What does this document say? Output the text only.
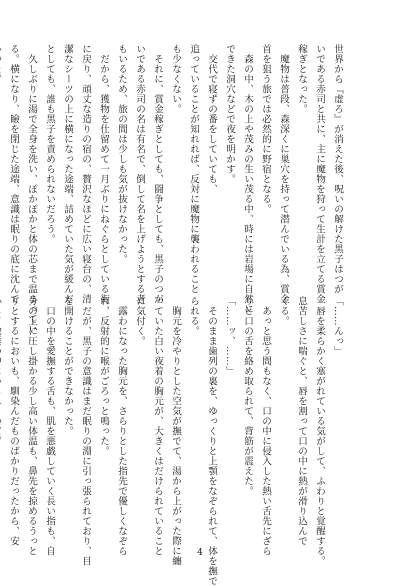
世界から『虚ろ』が消えた後、呪いの解けた黒子はつが
いである赤司と共に、主に魔物を狩って生計を立てる賞金
稼ぎとなった。
　魔物は普段、森深くに巣穴を持って潜んでいる為、賞金
首を狙う旅では必然的に野宿となる。
　森の中、木の上や茂みの生い茂る中、時には岩場に自然に
できた洞穴などで夜を明かす。
　交代で寝ずの番をしていても、
追っていることが知れれば、反対に魔物に襲われること
も少なくない。
　それに、賞金稼ぎとしても、闘争としても、黒子のつが
いである赤司の名は有名で、倒して名を上げようとする者
もいるため、旅の間は少しも気が抜けなかった。
　だから、獲物を仕留めて一月ぶりにねぐらとしている街
に戻り、頑丈な造りの宿の、贅沢なほどに広い寝台の、清
潔なシーツの上に横になった途端、詰めていた気が緩んだ
としても、誰も黒子を責められないだろう。
　久しぶりに湯で全身を洗い、ぽかぽかと体の芯まで温まってい
る。横になり、瞼を閉じた途端、意識は眠りの底に沈んで
「……んっ」
　唇を柔らかく塞がれている気がして、ふわりと覚醒する。
息苦しさに喘ぐと、唇を割って口の中に熱が滑り込んで
くる。
　あっと思う間もなく、口の中に侵入した熱い舌先にざら
りと口の舌を絡め取られて、背筋が震えた。
「……ッ、……」
　そのまま歯列の裏を、ゆっくりと上顎をなぞられて、体を撫で
られる。
　胸元を冷やりとした空気が撫でて、湯から上がった際に纏
っていた白い夜着の胸元が、大きくはだけられていること
に気付く。
　露わになった胸元を、さらりとした指先で優しくなぞら
れ、反射的に喉がごろっと鳴った。
　だが、黒子の意識はまだ眠りの淵に引っ張られており、目
を開けることができなかった。
　口の中を愛撫する舌も、肌を悪戯していく長い指も、自
分の上に圧し掛かる少し高い体温も、鼻先を掠めるうっと
りとするにおいも、馴染んだものばかりだったから、安
4
